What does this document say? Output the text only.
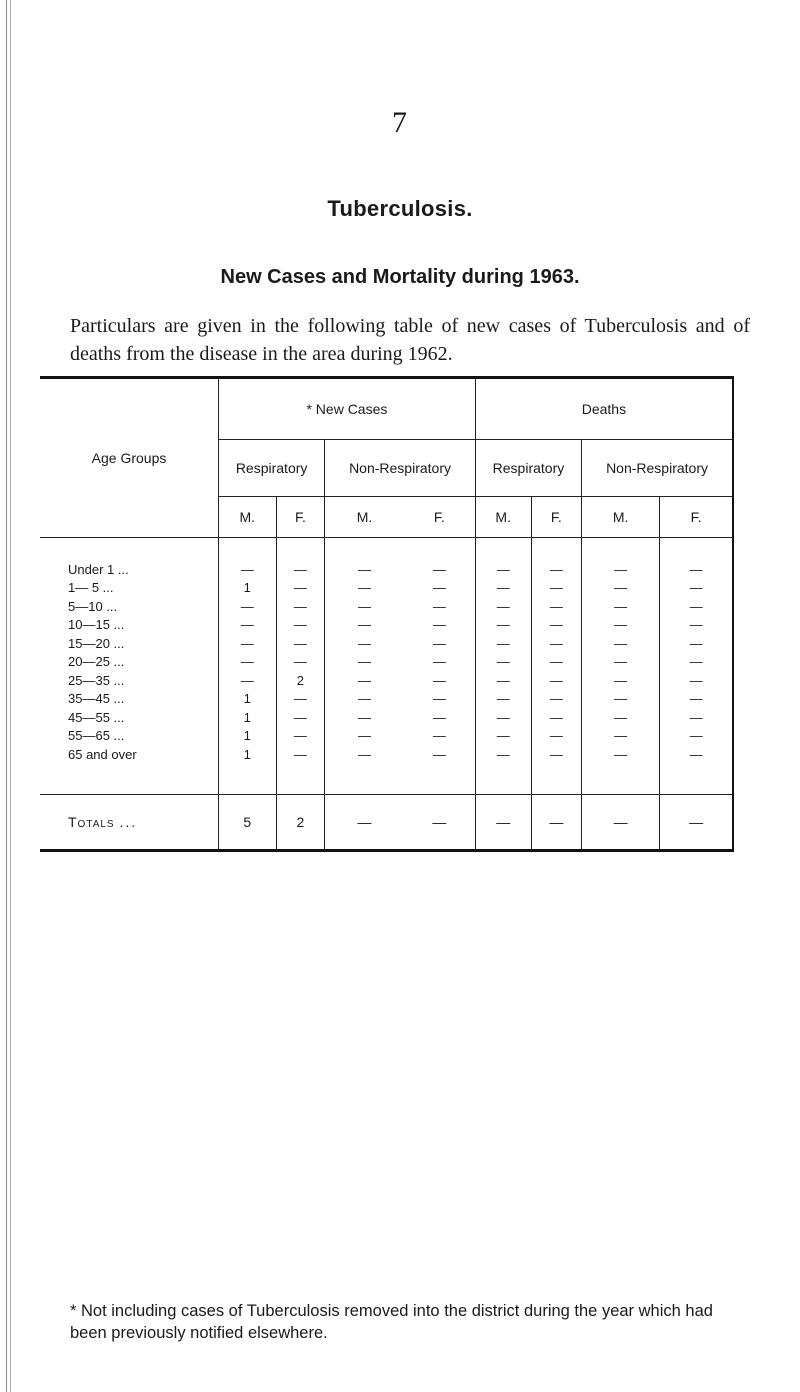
7
Tuberculosis.
New Cases and Mortality during 1963.
Particulars are given in the following table of new cases of Tuberculosis and of deaths from the disease in the area during 1962.
Age Groups	* New Cases				Deaths			
	Respiratory		Non-Respiratory		Respiratory		Non-Respiratory	
	M.	F.	M.	F.	M.	F.	M.	F.
Under 1 ...	—	—	—	—	—	—	—	—
1— 5 ...	1	—	—	—	—	—	—	—
5—10 ...	—	—	—	—	—	—	—	—
10—15 ...	—	—	—	—	—	—	—	—
15—20 ...	—	—	—	—	—	—	—	—
20—25 ...	—	—	—	—	—	—	—	—
25—35 ...	—	2	—	—	—	—	—	—
35—45 ...	1	—	—	—	—	—	—	—
45—55 ...	1	—	—	—	—	—	—	—
55—65 ...	1	—	—	—	—	—	—	—
65 and over	1	—	—	—	—	—	—	—
Totals ...	5	2	—	—	—	—	—	—
* Not including cases of Tuberculosis removed into the district during the year which had been previously notified elsewhere.
